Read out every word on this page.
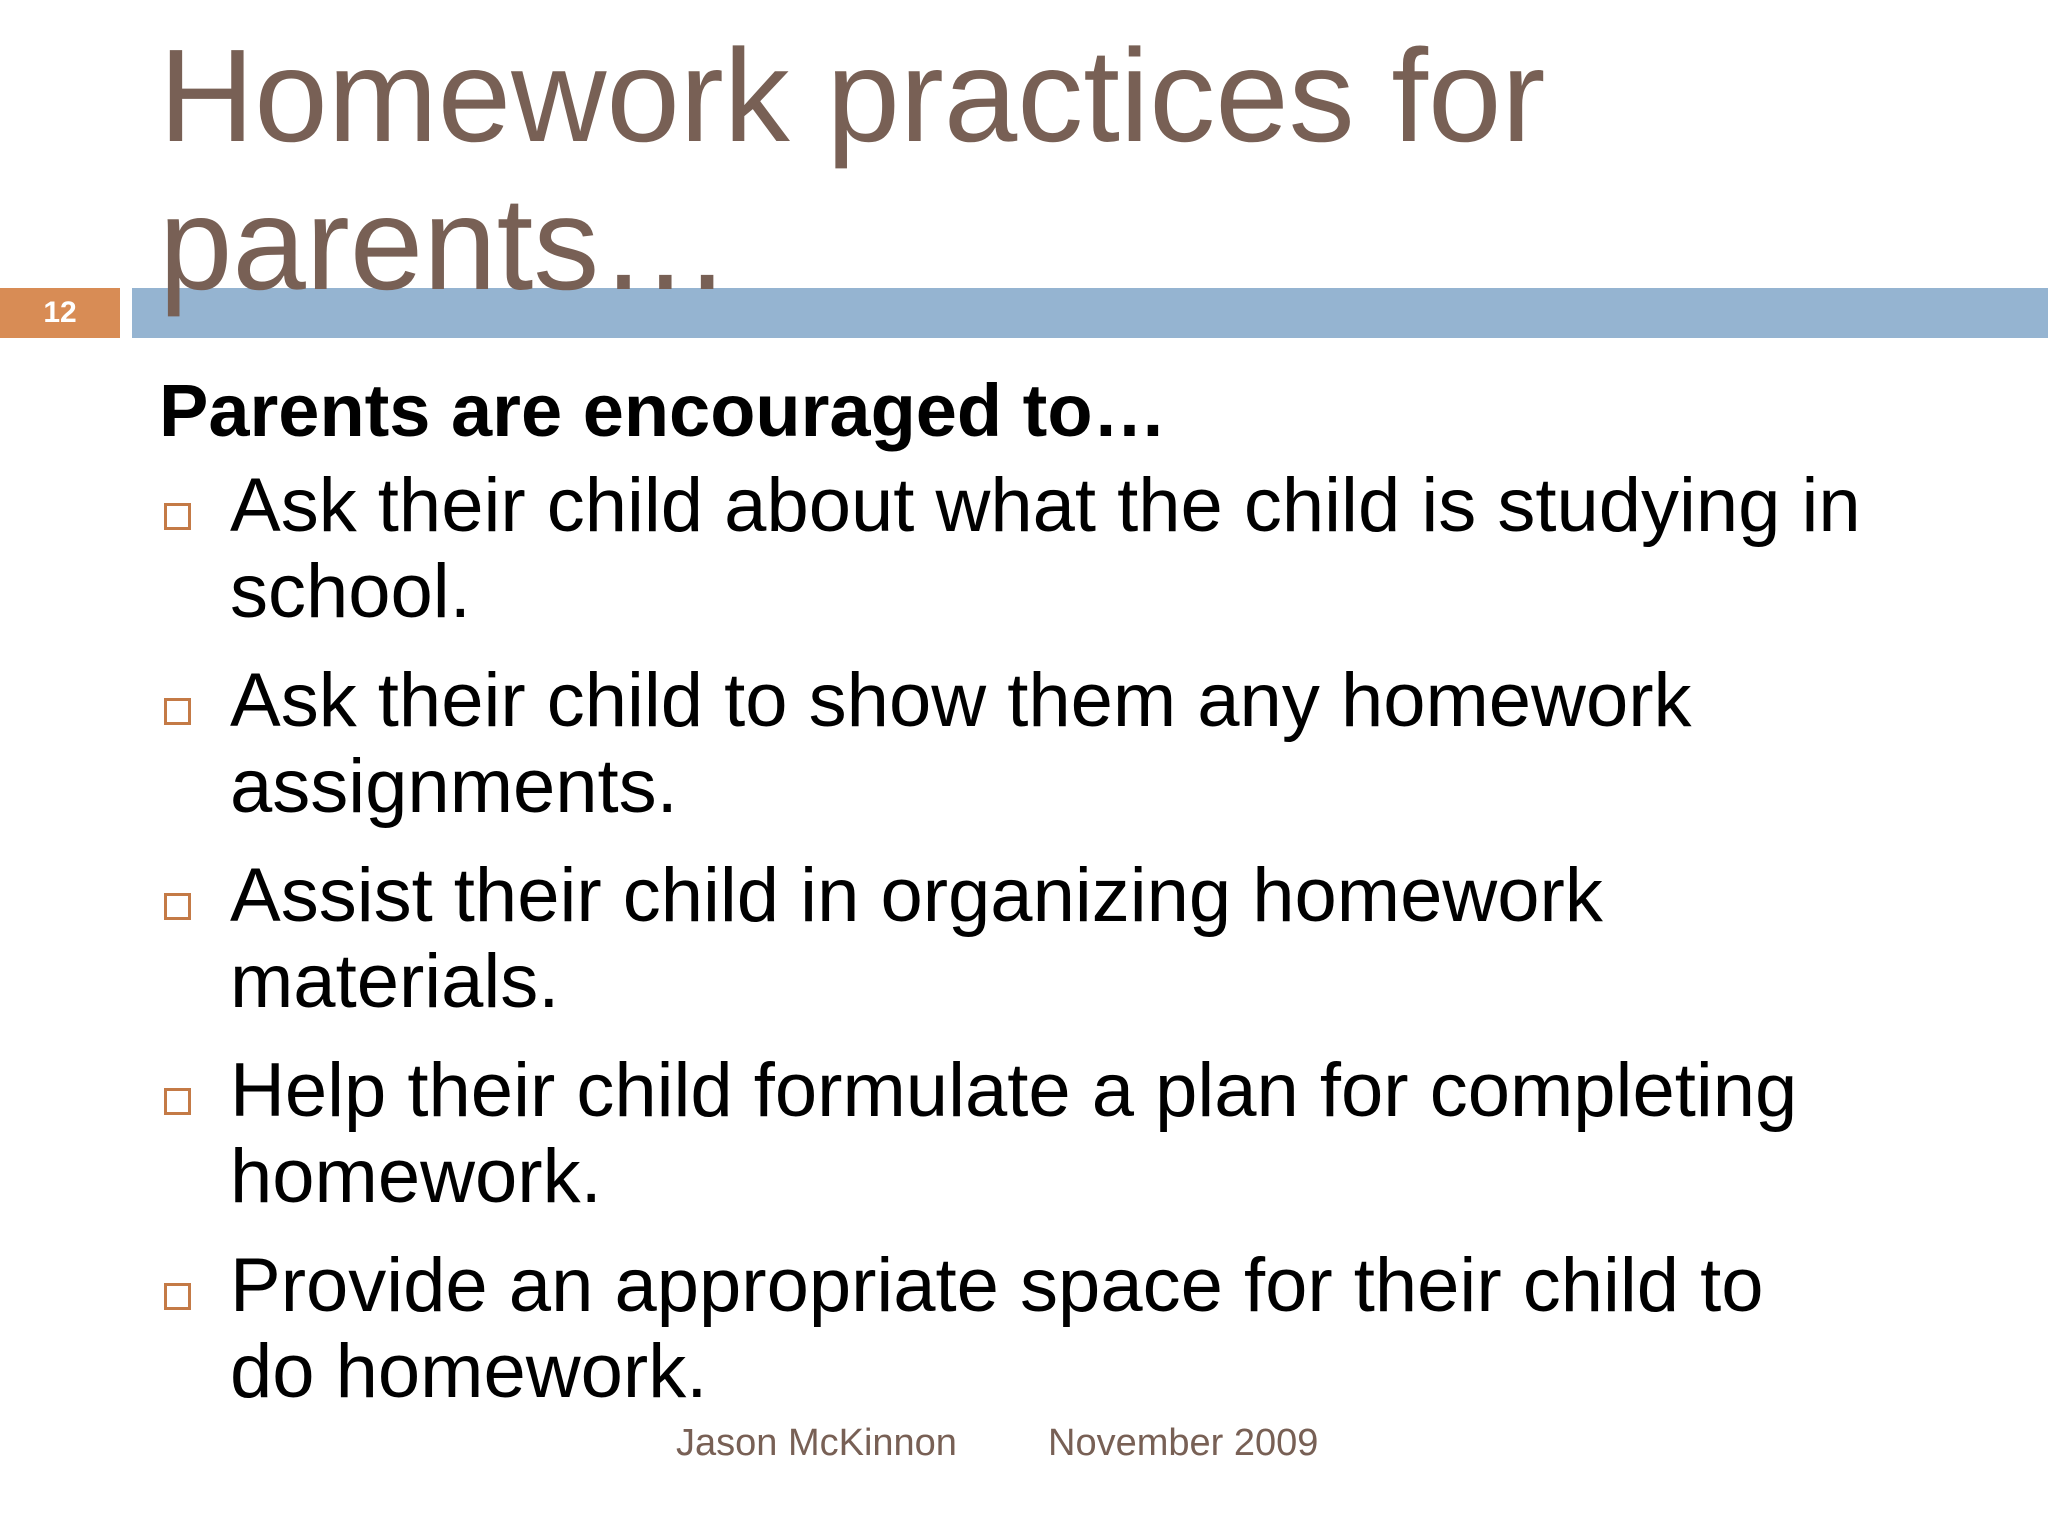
Homework practices for
parents…
12

Parents are encouraged to…

Ask their child about what the child is studying in
school.
Ask their child to show them any homework
assignments.
Assist their child in organizing homework
materials.
Help their child formulate a plan for completing
homework.
Provide an appropriate space for their child to
do homework.
Jason McKinnon November 2009
